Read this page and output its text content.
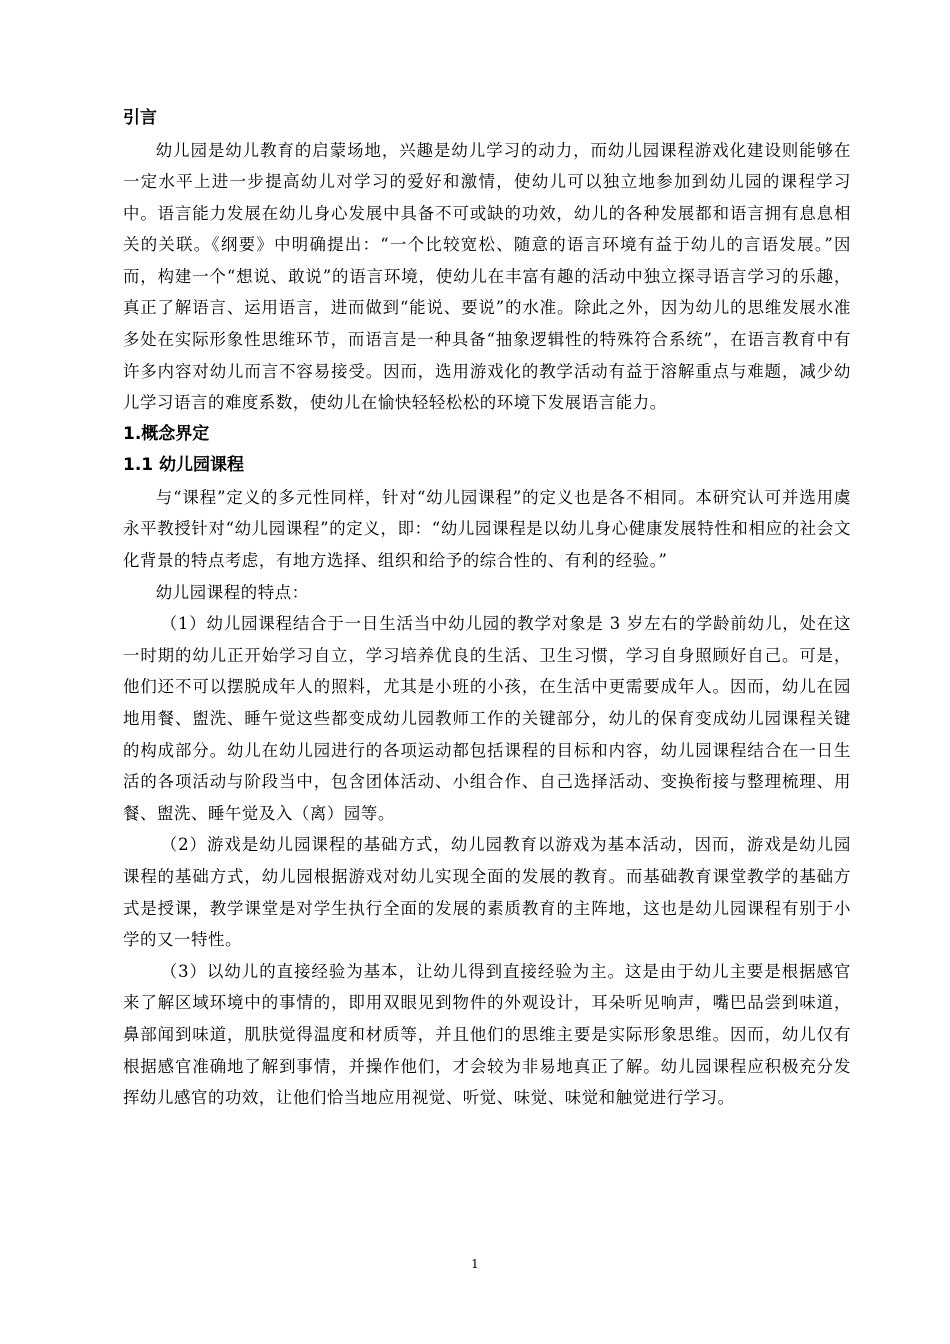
引言

幼儿园是幼儿教育的启蒙场地，兴趣是幼儿学习的动力，而幼儿园课程游戏化建设则能够在一定水平上进一步提高幼儿对学习的爱好和激情，使幼儿可以独立地参加到幼儿园的课程学习中。语言能力发展在幼儿身心发展中具备不可或缺的功效，幼儿的各种发展都和语言拥有息息相关的关联。《纲要》中明确提出：“一个比较宽松、随意的语言环境有益于幼儿的言语发展。”因而，构建一个“想说、敢说”的语言环境，使幼儿在丰富有趣的活动中独立探寻语言学习的乐趣，真正了解语言、运用语言，进而做到“能说、要说”的水准。除此之外，因为幼儿的思维发展水准多处在实际形象性思维环节，而语言是一种具备“抽象逻辑性的特殊符合系统”，在语言教育中有许多内容对幼儿而言不容易接受。因而，选用游戏化的教学活动有益于溶解重点与难题，减少幼儿学习语言的难度系数，使幼儿在愉快轻轻松松的环境下发展语言能力。

1.概念界定
1.1 幼儿园课程

与“课程”定义的多元性同样，针对“幼儿园课程”的定义也是各不相同。本研究认可并选用虞永平教授针对“幼儿园课程”的定义，即：“幼儿园课程是以幼儿身心健康发展特性和相应的社会文化背景的特点考虑，有地方选择、组织和给予的综合性的、有利的经验。”

幼儿园课程的特点：

（1）幼儿园课程结合于一日生活当中幼儿园的教学对象是 3 岁左右的学龄前幼儿，处在这一时期的幼儿正开始学习自立，学习培养优良的生活、卫生习惯，学习自身照顾好自己。可是，他们还不可以摆脱成年人的照料，尤其是小班的小孩，在生活中更需要成年人。因而，幼儿在园地用餐、盥洗、睡午觉这些都变成幼儿园教师工作的关键部分，幼儿的保育变成幼儿园课程关键的构成部分。幼儿在幼儿园进行的各项运动都包括课程的目标和内容，幼儿园课程结合在一日生活的各项活动与阶段当中，包含团体活动、小组合作、自己选择活动、变换衔接与整理梳理、用餐、盥洗、睡午觉及入（离）园等。

（2）游戏是幼儿园课程的基础方式，幼儿园教育以游戏为基本活动，因而，游戏是幼儿园课程的基础方式，幼儿园根据游戏对幼儿实现全面的发展的教育。而基础教育课堂教学的基础方式是授课，教学课堂是对学生执行全面的发展的素质教育的主阵地，这也是幼儿园课程有别于小学的又一特性。

（3）以幼儿的直接经验为基本，让幼儿得到直接经验为主。这是由于幼儿主要是根据感官来了解区域环境中的事情的，即用双眼见到物件的外观设计，耳朵听见响声，嘴巴品尝到味道，鼻部闻到味道，肌肤觉得温度和材质等，并且他们的思维主要是实际形象思维。因而，幼儿仅有根据感官准确地了解到事情，并操作他们，才会较为非易地真正了解。幼儿园课程应积极充分发挥幼儿感官的功效，让他们恰当地应用视觉、听觉、味觉、味觉和触觉进行学习。

1
